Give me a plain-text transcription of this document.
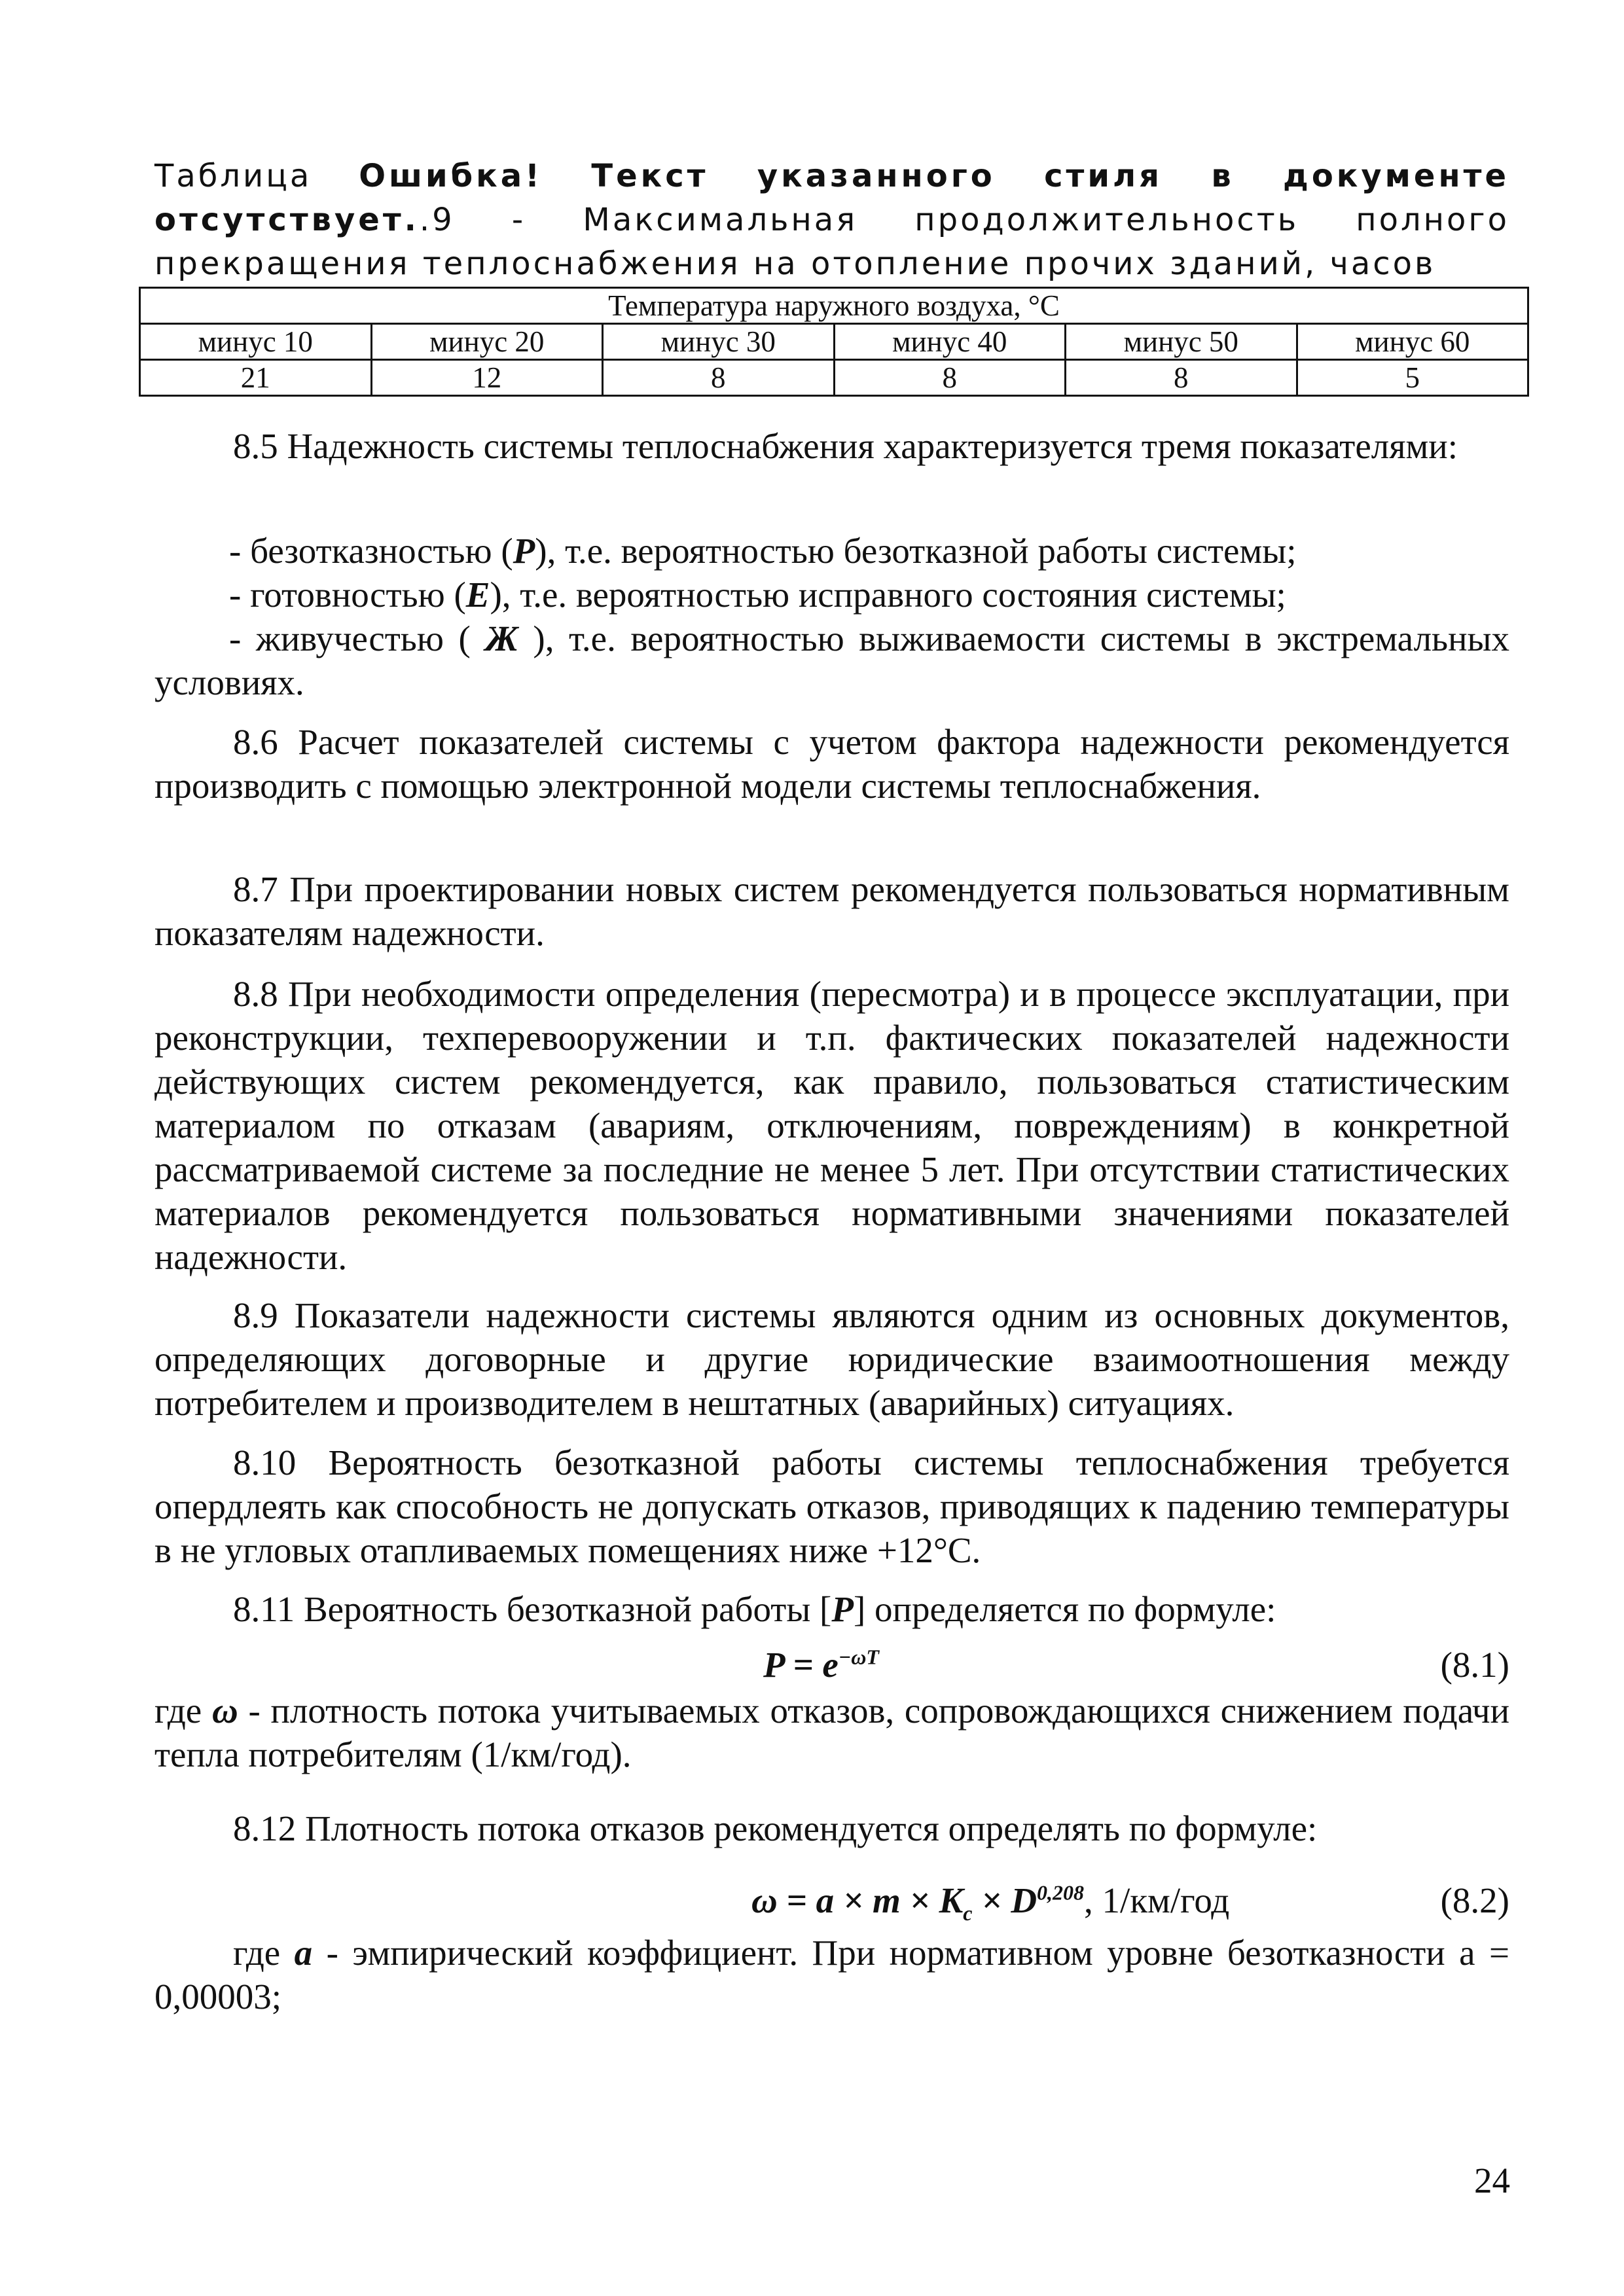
Таблица Ошибка! Текст указанного стиля в документе отсутствует..9 - Максимальная продолжительность полного прекращения теплоснабжения на отопление прочих зданий, часов
Температура наружного воздуха, °С					
минус 10	минус 20	минус 30	минус 40	минус 50	минус 60
21	12	8	8	8	5

8.5 Надежность системы теплоснабжения характеризуется тремя показателями:

- безотказностью (P), т.е. вероятностью безотказной работы системы;

- готовностью (Е), т.е. вероятностью исправного состояния системы;

- живучестью ( Ж ), т.е. вероятностью выживаемости системы в экстремальных условиях.

8.6 Расчет показателей системы с учетом фактора надежности рекомендуется производить с помощью электронной модели системы теплоснабжения.

8.7 При проектировании новых систем рекомендуется пользоваться нормативным показателям надежности.

8.8 При необходимости определения (пересмотра) и в процессе эксплуатации, при реконструкции, техперевооружении и т.п. фактических показателей надежности действующих систем рекомендуется, как правило, пользоваться статистическим материалом по отказам (авариям, отключениям, повреждениям) в конкретной рассматриваемой системе за последние не менее 5 лет. При отсутствии статистических материалов рекомендуется пользоваться нормативными значениями показателей надежности.

8.9 Показатели надежности системы являются одним из основных документов, определяющих договорные и другие юридические взаимоотношения между потребителем и производителем в нештатных (аварийных) ситуациях.

8.10 Вероятность безотказной работы системы теплоснабжения требуется опердлеять как способность не допускать отказов, приводящих к падению температуры в не угловых отапливаемых помещениях ниже +12°С.

8.11 Вероятность безотказной работы [P] определяется по формуле:

$P = e^{-\omega T}$	(8.1)

где ω - плотность потока учитываемых отказов, сопровождающихся снижением подачи тепла потребителям (1/км/год).

8.12 Плотность потока отказов рекомендуется определять по формуле:

$\omega = a \times m \times K_c \times D^{0,208}$, 1/км/год	(8.2)

где a - эмпирический коэффициент. При нормативном уровне безотказности а = 0,00003;

24
